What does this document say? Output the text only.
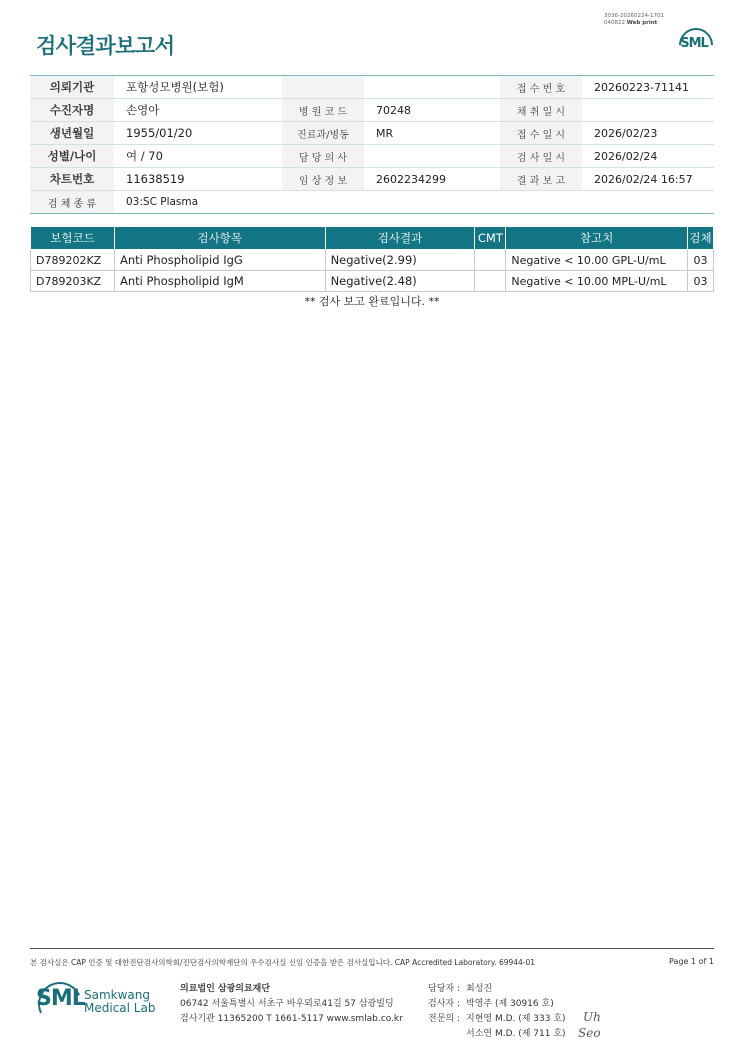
검사결과보고서
3036-20260224-1701
040822 Web print
SML
의뢰기관	포항성모병원(보험)			접 수 번 호	20260223-71141
수진자명	손영아	병 원 코 드	70248	채 취 일 시	
생년월일	1955/01/20	진료과/병동	MR	접 수 일 시	2026/02/23
성별/나이	여 / 70	담 당 의 사		검 사 일 시	2026/02/24
차트번호	11638519	임 상 정 보	2602234299	결 과 보 고	2026/02/24 16:57
검 체 종 류	03:SC Plasma				
보험코드	검사항목	검사결과	CMT	참고치	검체
D789202KZ	Anti Phospholipid IgG	Negative(2.99)		Negative < 10.00 GPL-U/mL	03
D789203KZ	Anti Phospholipid IgM	Negative(2.48)		Negative < 10.00 MPL-U/mL	03
** 검사 보고 완료입니다. **
본 검사실은 CAP 인증 및 대한진단검사의학회/진단검사의학재단의 우수검사실 신임 인증을 받은 검사실입니다. CAP Accredited Laboratory. 69944-01	Page 1 of 1
SML Samkwang
Medical Lab
의료법인 삼광의료재단
06742 서울특별시 서초구 바우뫼로41길 57 삼광빌딩
검사기관 11365200 T 1661-5117 www.smlab.co.kr
담당자 : 최성진
검사자 : 박영주 (제 30916 호)
전문의 : 지현영 M.D. (제 333 호)
서소연 M.D. (제 711 호)
Uh
Seo
